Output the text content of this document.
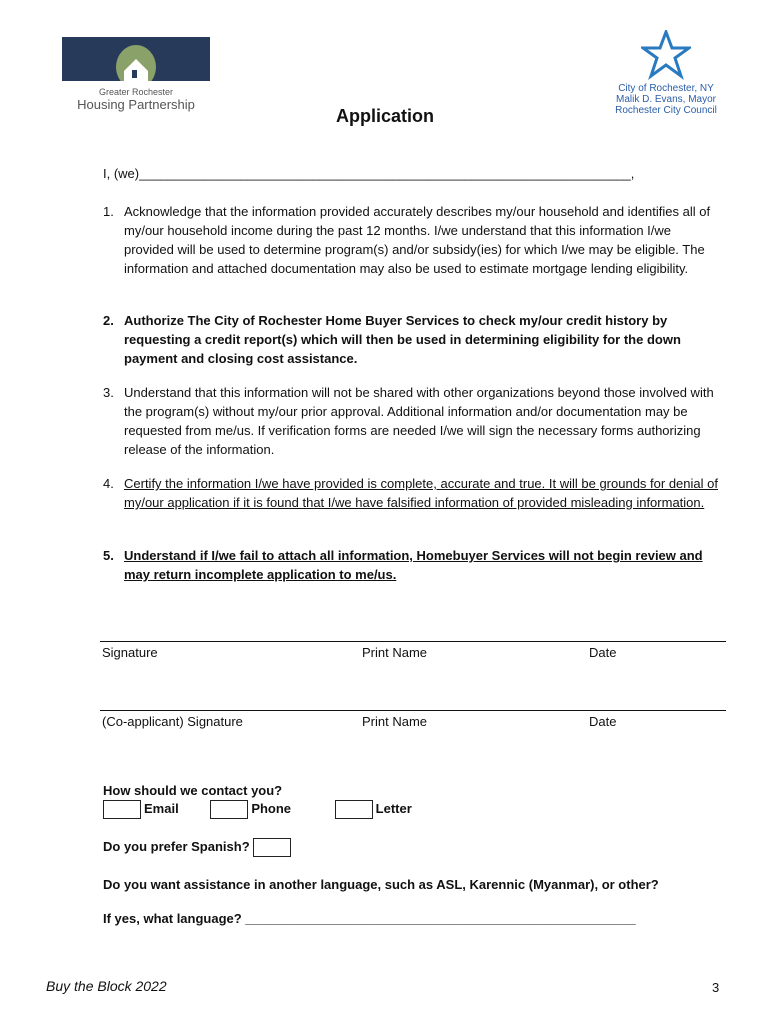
Greater Rochester
Housing Partnership
City of Rochester, NY
Malik D. Evans, Mayor
Rochester City Council
Application
I, (we)____________________________________________________________________,
1. Acknowledge that the information provided accurately describes my/our household and identifies all of my/our household income during the past 12 months. I/we understand that this information I/we provided will be used to determine program(s) and/or subsidy(ies) for which I/we may be eligible. The information and attached documentation may also be used to estimate mortgage lending eligibility.
2. Authorize The City of Rochester Home Buyer Services to check my/our credit history by requesting a credit report(s) which will then be used in determining eligibility for the down payment and closing cost assistance.
3. Understand that this information will not be shared with other organizations beyond those involved with the program(s) without my/our prior approval. Additional information and/or documentation may be requested from me/us. If verification forms are needed I/we will sign the necessary forms authorizing release of the information.
4. Certify the information I/we have provided is complete, accurate and true. It will be grounds for denial of my/our application if it is found that I/we have falsified information of provided misleading information.
5. Understand if I/we fail to attach all information, Homebuyer Services will not begin review and may return incomplete application to me/us.
Signature	Print Name	Date
(Co-applicant) Signature	Print Name	Date
How should we contact you?
Email	Phone	Letter
Do you prefer Spanish?
Do you want assistance in another language, such as ASL, Karennic (Myanmar), or other?
If yes, what language? ______________________________________________________
Buy the Block 2022	3
